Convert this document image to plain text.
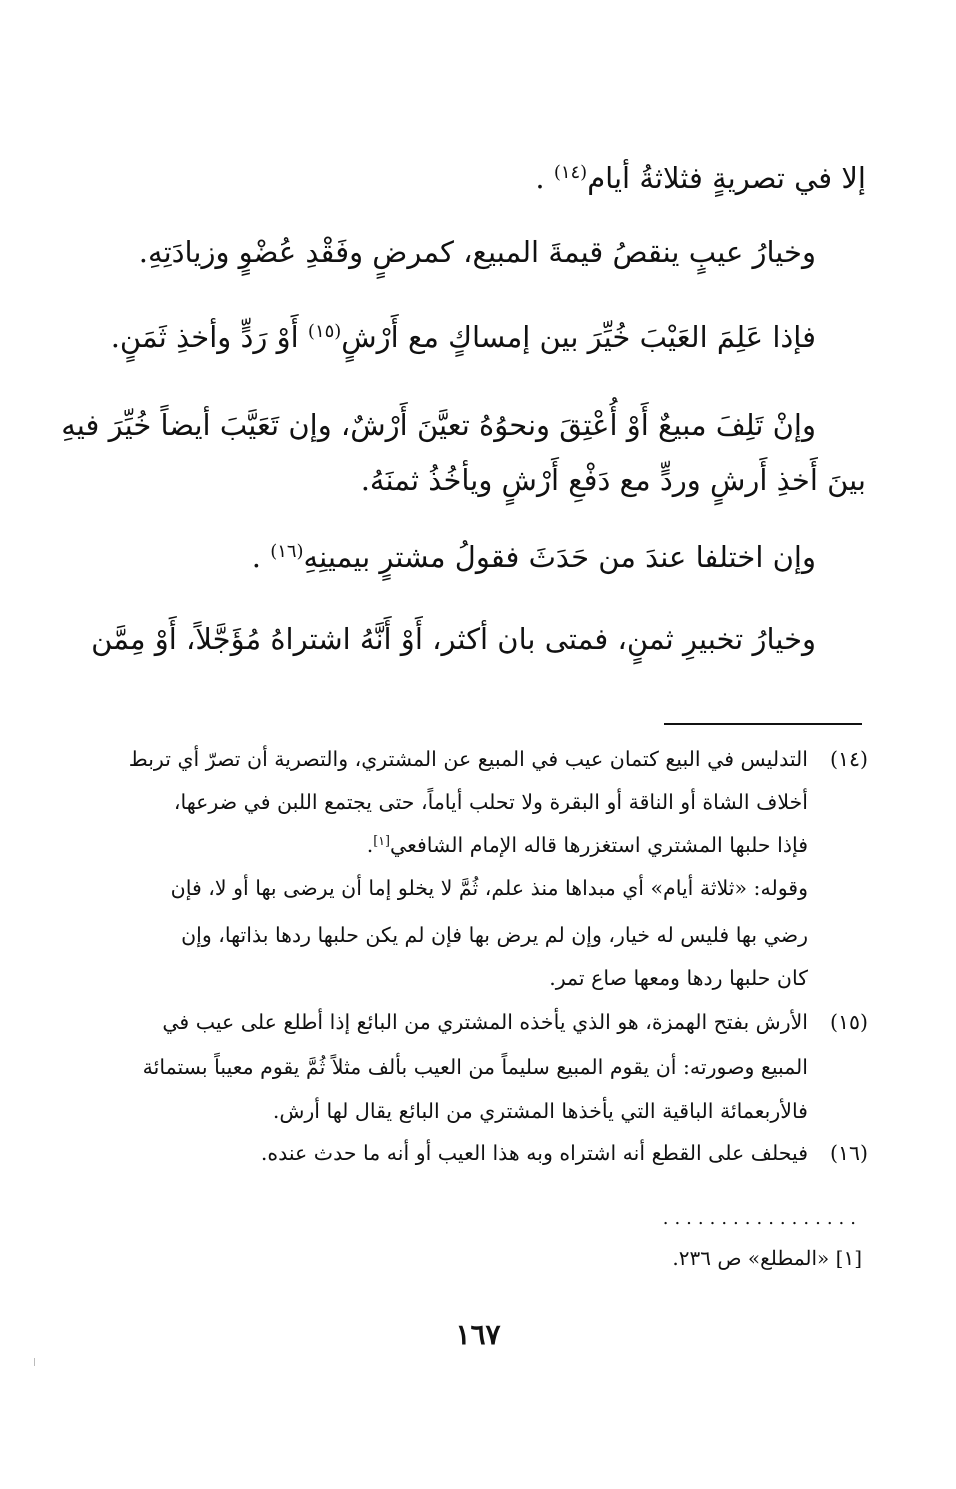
إلا في تصريةٍ فثلاثةُ أيام$^{(١٤)}$ .
وخيارُ عيبٍ ينقصُ قيمةَ المبيع، كمرضٍ وفَقْدِ عُضْوٍ وزيادَتِهِ.
فإذا عَلِمَ العَيْبَ خُيِّرَ بين إمساكٍ مع أَرْشٍ$^{(١٥)}$ أَوْ رَدٍّ وأخذِ ثَمَنٍ.
وإنْ تَلِفَ مبيعٌ أَوْ أُعْتِقَ ونحوُهُ تعيَّنَ أَرْشٌ، وإن تَعَيَّبَ أيضاً خُيِّرَ فيهِ
بينَ أَخذِ أَرشٍ وردٍّ مع دَفْعِ أَرْشٍ ويأخُذُ ثمنَهُ.
وإن اختلفا عندَ من حَدَثَ فقولُ مشترٍ بيمينِهِ$^{(١٦)}$ .
وخيارُ تخبيرِ ثمنٍ، فمتى بان أكثر، أَوْ أَنَّهُ اشتراهُ مُؤَجَّلاً، أَوْ مِمَّن
(١٤)
التدليس في البيع كتمان عيب في المبيع عن المشتري، والتصرية أن تصرّ أي تربط
أخلاف الشاة أو الناقة أو البقرة ولا تحلب أياماً، حتى يجتمع اللبن في ضرعها،
فإذا حلبها المشتري استغزرها قاله الإمام الشافعي[١].
وقوله: «ثلاثة أيام» أي مبداها منذ علم، ثُمَّ لا يخلو إما أن يرضى بها أو لا، فإن
رضي بها فليس له خيار، وإن لم يرض بها فإن لم يكن حلبها ردها بذاتها، وإن
كان حلبها ردها ومعها صاع تمر.
(١٥)
الأرش بفتح الهمزة، هو الذي يأخذه المشتري من البائع إذا أطلع على عيب في
المبيع وصورته: أن يقوم المبيع سليماً من العيب بألف مثلاً ثُمَّ يقوم معيباً بستمائة
فالأربعمائة الباقية التي يأخذها المشتري من البائع يقال لها أرش.
(١٦)
فيحلف على القطع أنه اشتراه وبه هذا العيب أو أنه ما حدث عنده.
.................
[١] «المطلع» ص ٢٣٦.
١٦٧
